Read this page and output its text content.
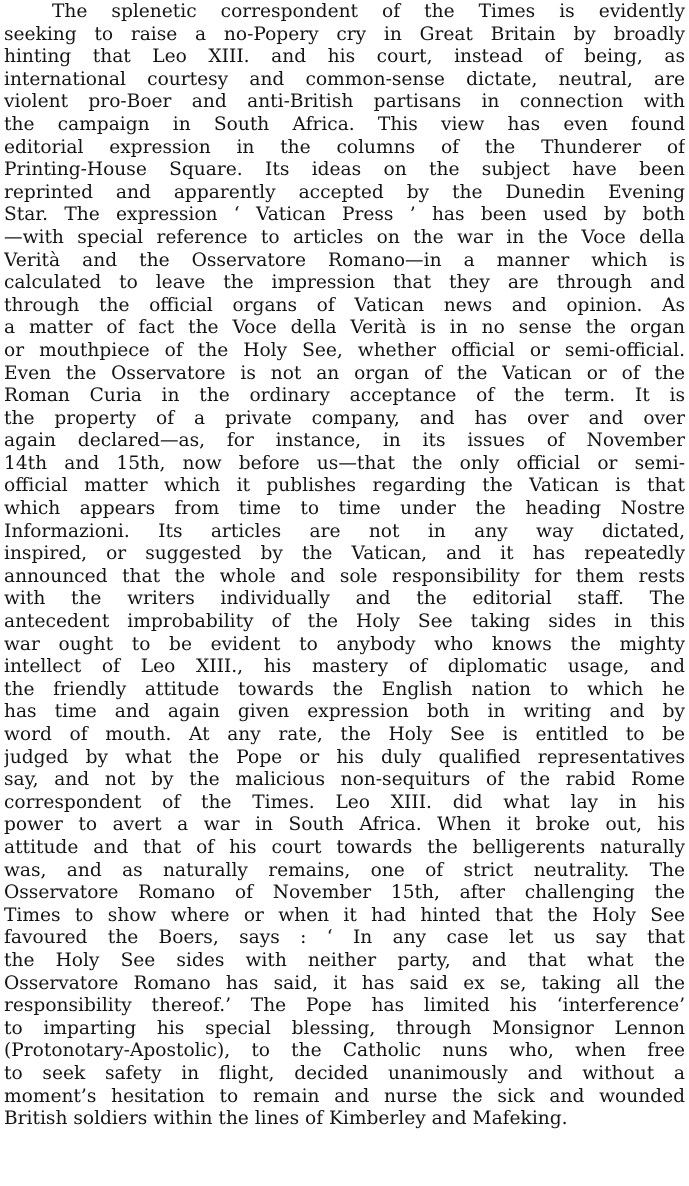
The splenetic correspondent of the Times is evidently
seeking to raise a no-Popery cry in Great Britain by broadly
hinting that Leo XIII. and his court, instead of being, as
international courtesy and common-sense dictate, neutral, are
violent pro-Boer and anti-British partisans in connection with
the campaign in South Africa. This view has even found
editorial expression in the columns of the Thunderer of
Printing-House Square. Its ideas on the subject have been
reprinted and apparently accepted by the Dunedin Evening
Star. The expression ‘ Vatican Press ’ has been used by both
—with special reference to articles on the war in the Voce della
Verità and the Osservatore Romano—in a manner which is
calculated to leave the impression that they are through and
through the official organs of Vatican news and opinion. As
a matter of fact the Voce della Verità is in no sense the organ
or mouthpiece of the Holy See, whether official or semi-official.
Even the Osservatore is not an organ of the Vatican or of the
Roman Curia in the ordinary acceptance of the term. It is
the property of a private company, and has over and over
again declared—as, for instance, in its issues of November
14th and 15th, now before us—that the only official or semi-
official matter which it publishes regarding the Vatican is that
which appears from time to time under the heading Nostre
Informazioni. Its articles are not in any way dictated,
inspired, or suggested by the Vatican, and it has repeatedly
announced that the whole and sole responsibility for them rests
with the writers individually and the editorial staff. The
antecedent improbability of the Holy See taking sides in this
war ought to be evident to anybody who knows the mighty
intellect of Leo XIII., his mastery of diplomatic usage, and
the friendly attitude towards the English nation to which he
has time and again given expression both in writing and by
word of mouth. At any rate, the Holy See is entitled to be
judged by what the Pope or his duly qualified representatives
say, and not by the malicious non-sequiturs of the rabid Rome
correspondent of the Times. Leo XIII. did what lay in his
power to avert a war in South Africa. When it broke out, his
attitude and that of his court towards the belligerents naturally
was, and as naturally remains, one of strict neutrality. The
Osservatore Romano of November 15th, after challenging the
Times to show where or when it had hinted that the Holy See
favoured the Boers, says : ‘ In any case let us say that
the Holy See sides with neither party, and that what the
Osservatore Romano has said, it has said ex se, taking all the
responsibility thereof.’ The Pope has limited his ‘interference’
to imparting his special blessing, through Monsignor Lennon
(Protonotary-Apostolic), to the Catholic nuns who, when free
to seek safety in flight, decided unanimously and without a
moment’s hesitation to remain and nurse the sick and wounded
British soldiers within the lines of Kimberley and Mafeking.
